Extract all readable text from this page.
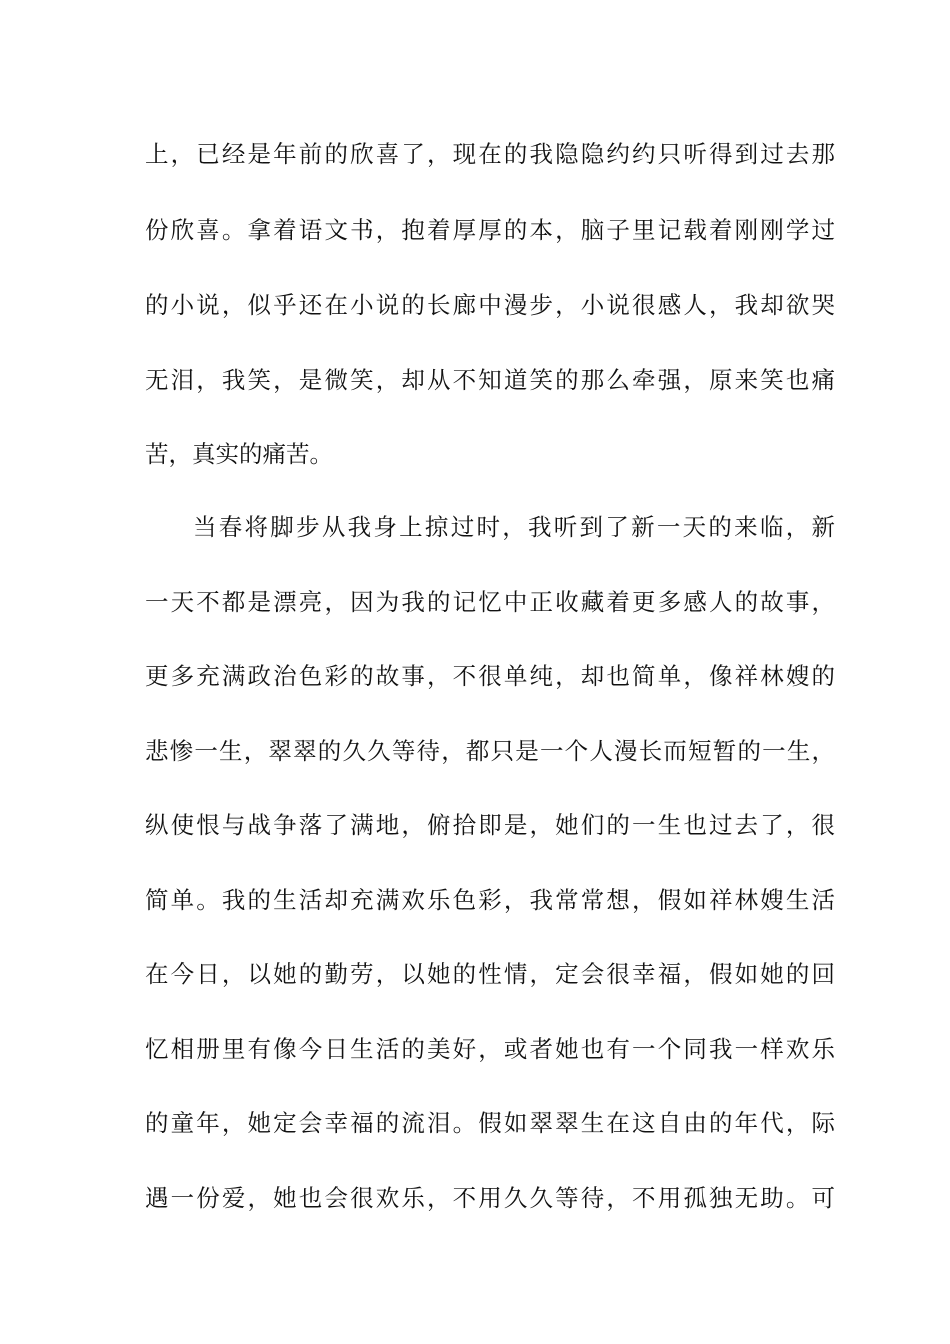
上，已经是年前的欣喜了，现在的我隐隐约约只听得到过去那
份欣喜。拿着语文书，抱着厚厚的本，脑子里记载着刚刚学过
的小说，似乎还在小说的长廊中漫步，小说很感人，我却欲哭
无泪，我笑，是微笑，却从不知道笑的那么牵强，原来笑也痛
苦，真实的痛苦。
当春将脚步从我身上掠过时，我听到了新一天的来临，新
一天不都是漂亮，因为我的记忆中正收藏着更多感人的故事，
更多充满政治色彩的故事，不很单纯，却也简单，像祥林嫂的
悲惨一生，翠翠的久久等待，都只是一个人漫长而短暂的一生，
纵使恨与战争落了满地，俯拾即是，她们的一生也过去了，很
简单。我的生活却充满欢乐色彩，我常常想，假如祥林嫂生活
在今日，以她的勤劳，以她的性情，定会很幸福，假如她的回
忆相册里有像今日生活的美好，或者她也有一个同我一样欢乐
的童年，她定会幸福的流泪。假如翠翠生在这自由的年代，际
遇一份爱，她也会很欢乐，不用久久等待，不用孤独无助。可
